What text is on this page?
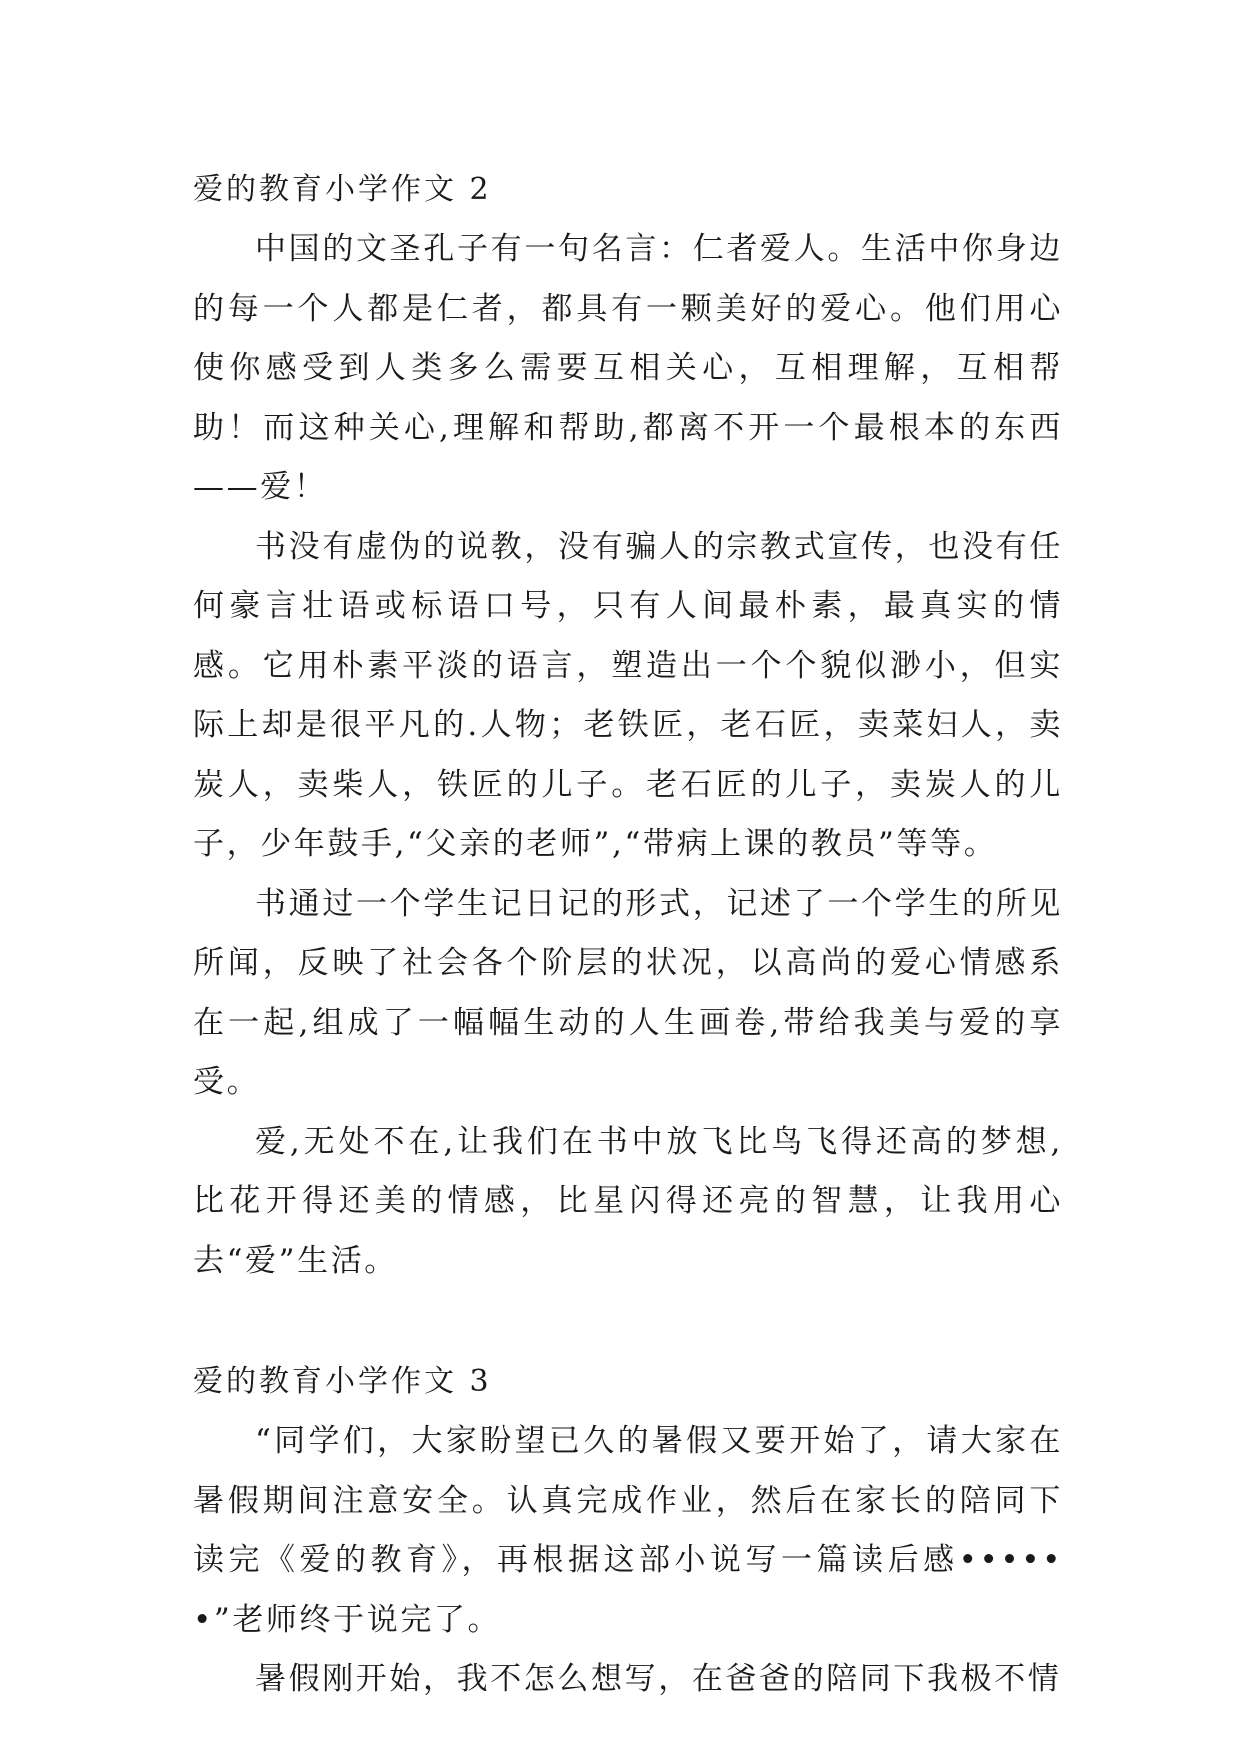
爱的教育小学作文 2

中国的文圣孔子有一句名言：仁者爱人。生活中你身边的每一个人都是仁者，都具有一颗美好的爱心。他们用心使你感受到人类多么需要互相关心，互相理解，互相帮助！而这种关心,理解和帮助,都离不开一个最根本的东西——爱！

书没有虚伪的说教，没有骗人的宗教式宣传，也没有任何豪言壮语或标语口号，只有人间最朴素，最真实的情感。它用朴素平淡的语言，塑造出一个个貌似渺小，但实际上却是很平凡的.人物；老铁匠，老石匠，卖菜妇人，卖炭人，卖柴人，铁匠的儿子。老石匠的儿子，卖炭人的儿子，少年鼓手,“父亲的老师”,“带病上课的教员”等等。

书通过一个学生记日记的形式，记述了一个学生的所见所闻，反映了社会各个阶层的状况，以高尚的爱心情感系在一起,组成了一幅幅生动的人生画卷,带给我美与爱的享受。

爱,无处不在,让我们在书中放飞比鸟飞得还高的梦想,比花开得还美的情感，比星闪得还亮的智慧，让我用心去“爱”生活。

爱的教育小学作文 3

“同学们，大家盼望已久的暑假又要开始了，请大家在暑假期间注意安全。认真完成作业，然后在家长的陪同下读完《爱的教育》，再根据这部小说写一篇读后感••••••”老师终于说完了。

暑假刚开始，我不怎么想写，在爸爸的陪同下我极不情
